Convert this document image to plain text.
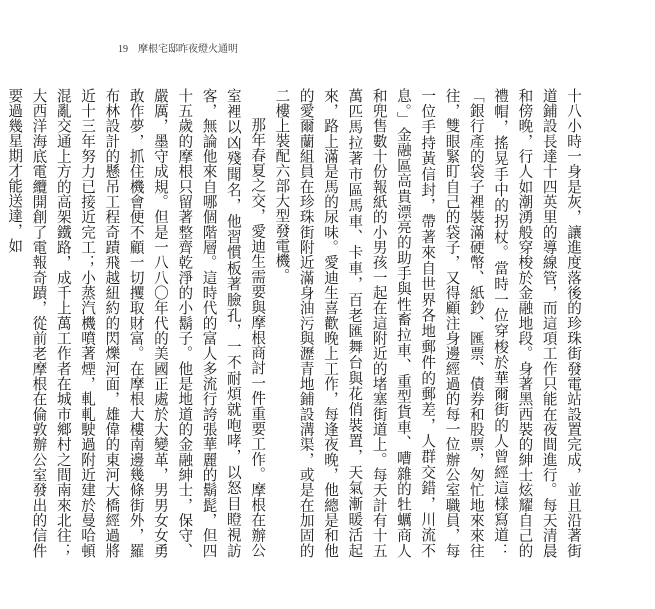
19 摩根宅邸昨夜燈火通明

十八小時一身是灰，讓進度落後的珍珠街發電站設置完成，並且沿著街道鋪設長達十四英里的導線管，而這項工作只能在夜間進行。每天清晨和傍晚，行人如潮湧般穿梭於金融地段。身著黑西裝的紳士炫耀自己的禮帽，搖晃手中的拐杖。當時一位穿梭於華爾街的人曾經這樣寫道：「銀行產的袋子裡裝滿硬幣、紙鈔、匯票、債券和股票，匆忙地來來往往，雙眼緊盯自己的袋子，又得顧注身邊經過的每一位辦公室職員，每一位手持黃信封，帶著來自世界各地郵件的郵差，人群交錯，川流不息。」金融區高貴漂亮的助手與性畜拉車、重型貨車、嘈雜的牡蠣商人和兜售數十份報紙的小男孩一起在這附近的堵塞街道上。每天計有十五萬匹馬拉著市區馬車、卡車，百老匯舞台與花俏裝置，天氣漸暖活起來，路上滿是馬的尿味。愛迪生喜歡晚上工作，每逢夜晚，他總是和他的愛爾蘭組員在珍珠街附近滿身油污與瀝青地鋪設溝渠，或是在加固的二樓上裝配六部大型發電機。

那年春夏之交，愛迪生需要與摩根商討一件重要工作。摩根在辦公室裡以凶殘聞名，他習慣板著臉孔，一不耐煩就咆哮，以怒目瞪視訪客，無論他來自哪個階層。這時代的富人多流行誇張華麗的鬍髭，但四十五歲的摩根只留著整齊乾淨的小鬍子。他是地道的金融紳士，保守、嚴厲，墨守成規。但是一八八〇年代的美國正處於大變革，男男女女勇敢作夢，抓住機會便不顧一切攫取財富。在摩根大樓南邊幾條街外，羅布林設計的懸吊工程奇蹟飛越紐約的閃爍河面，雄偉的東河大橋經過將近十三年努力已接近完工；小蒸汽機噴著煙，軋軋駛過附近建於曼哈頓混亂交通上方的高架鐵路，成千上萬工作者在城市鄉村之間南來北往；大西洋海底電纜開創了電報奇蹟，從前老摩根在倫敦辦公室發出的信件要過幾星期才能送達，如
